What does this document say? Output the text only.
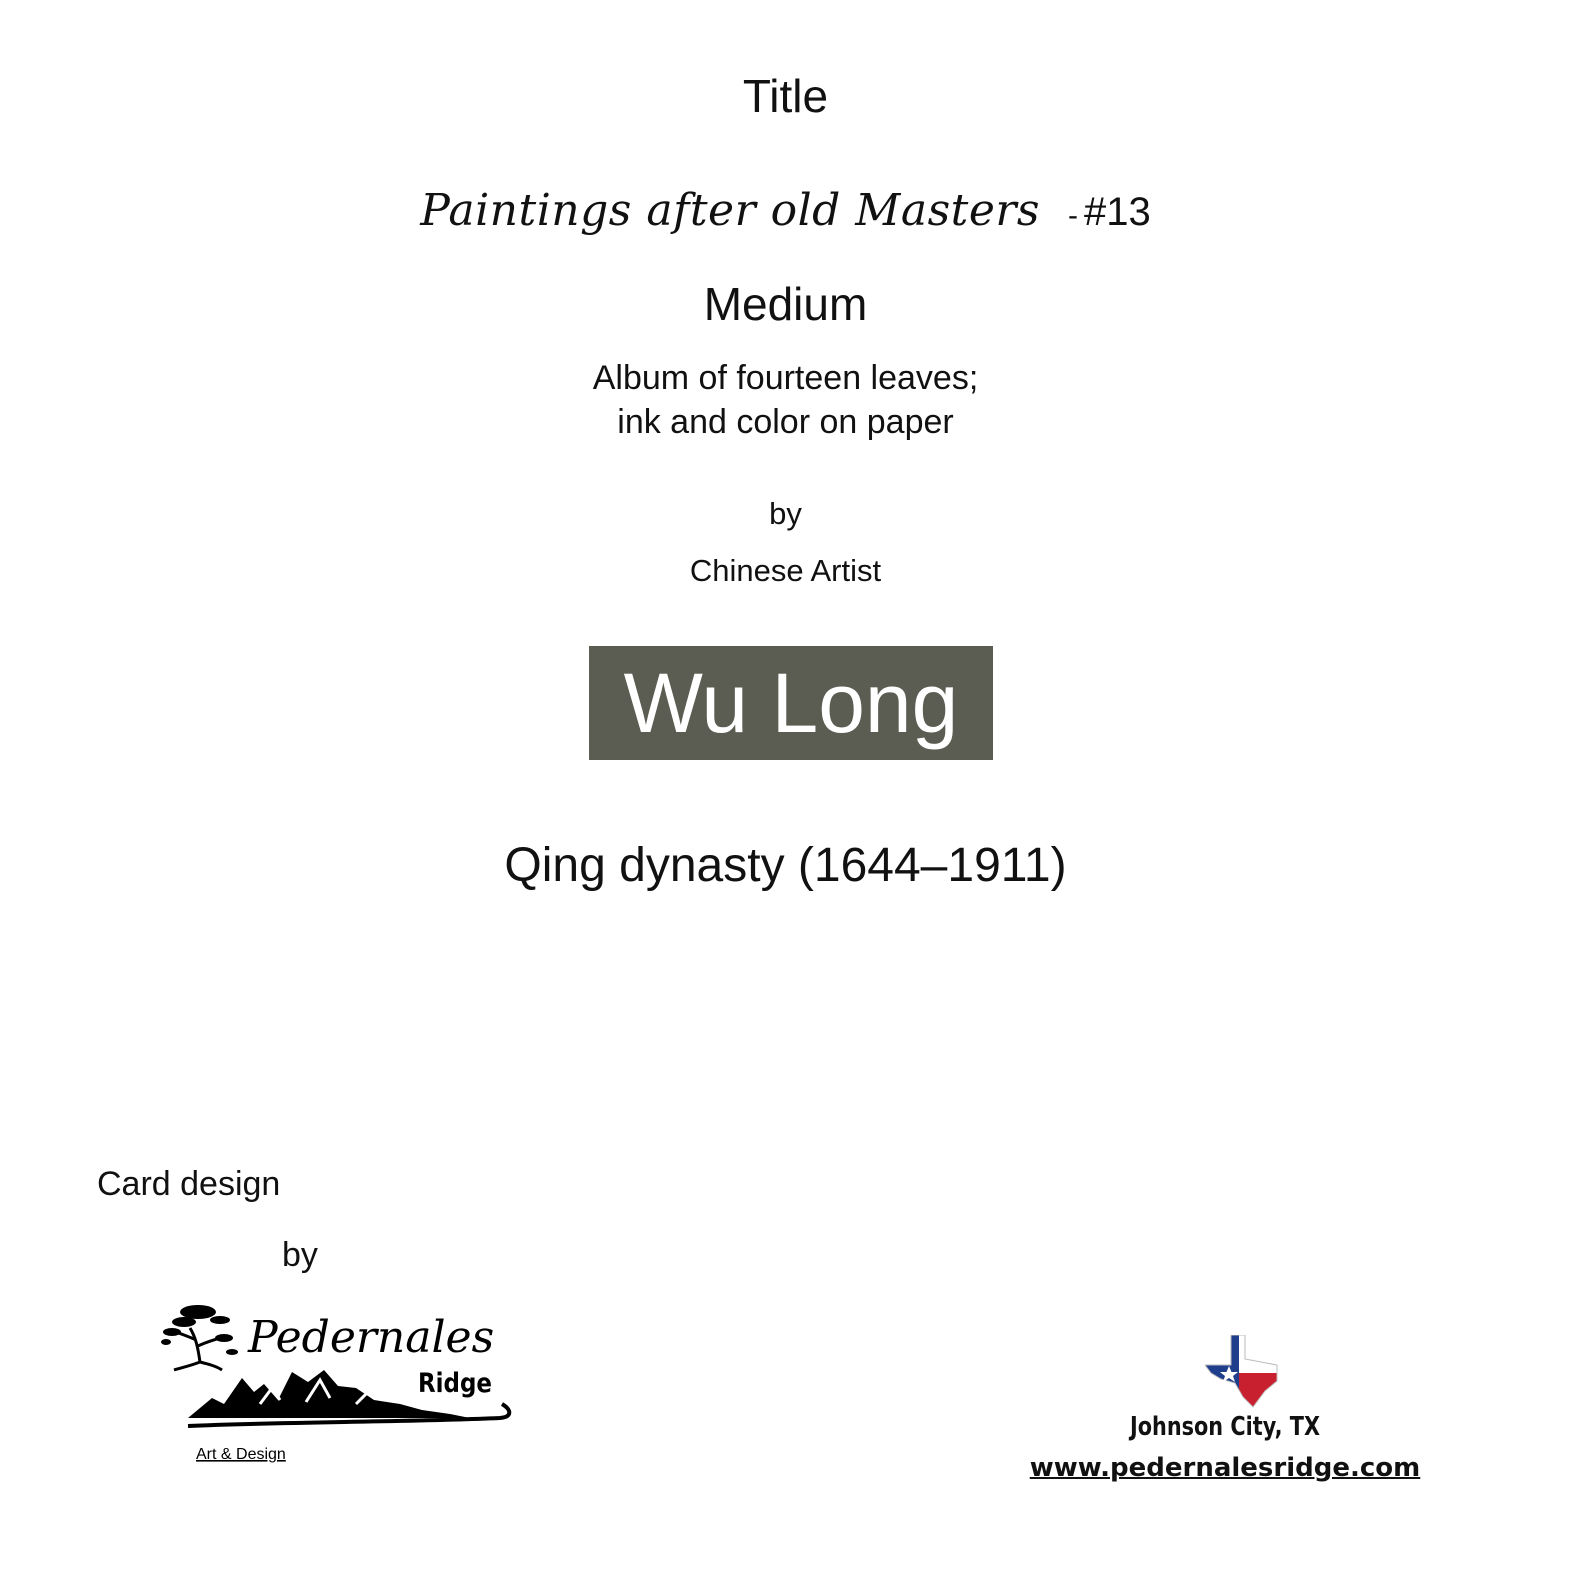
Title
Paintings after old Masters - #13
Medium
Album of fourteen leaves;
ink and color on paper
by
Chinese Artist
Wu Long
Qing dynasty (1644–1911)
Card design
by
Pedernales
Ridge
Art & Design
Johnson City, TX
www.pedernalesridge.com
